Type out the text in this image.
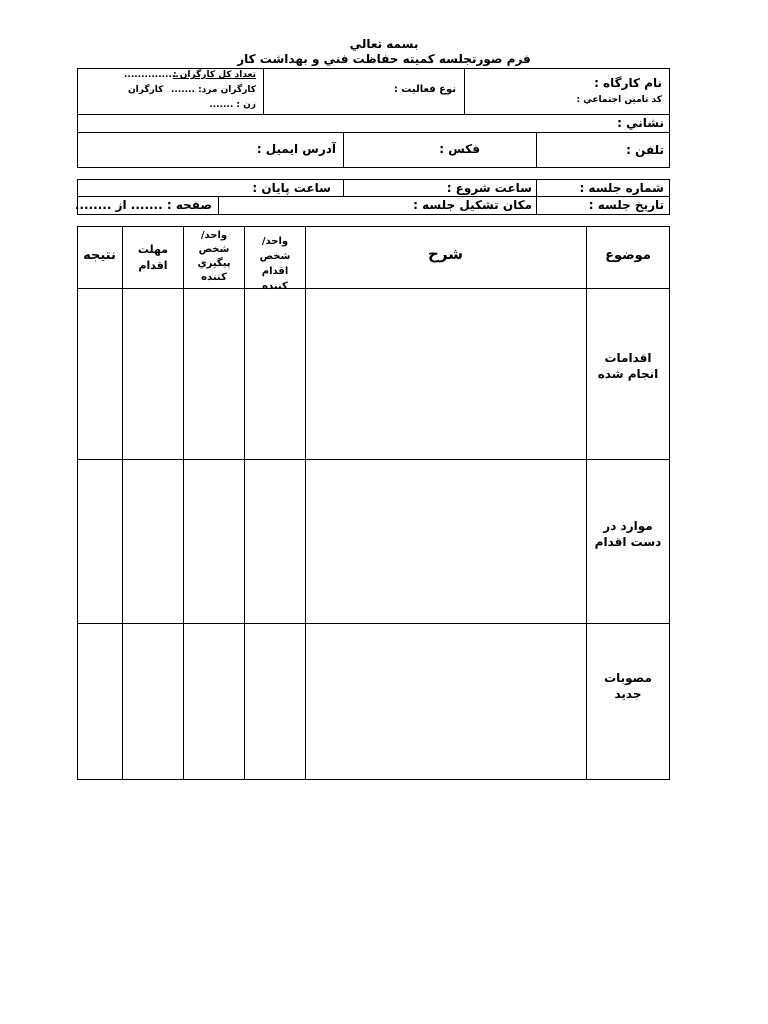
بسمه تعالي
فرم صورتجلسه كميته حفاظت فني و بهداشت كار
نام كارگاه :
كد تامين اجتماعي :
نوع فعاليت :
تعداد كل كارگران :
................
كارگران مرد: .......
كارگران
زن : .......
نشاني :
تلفن :
فكس :
آدرس ايميل :
شماره جلسه :
ساعت شروع :
ساعت پايان :
تاريخ جلسه :
مكان تشكيل جلسه :
صفحه : ....... از ........
موضوع
شرح
واحد/ شخص اقدام كننده
واحد/ شخص پيگيري كننده
مهلت اقدام
نتيجه
اقدامات انجام شده
موارد در دست اقدام
مصوبات جديد
